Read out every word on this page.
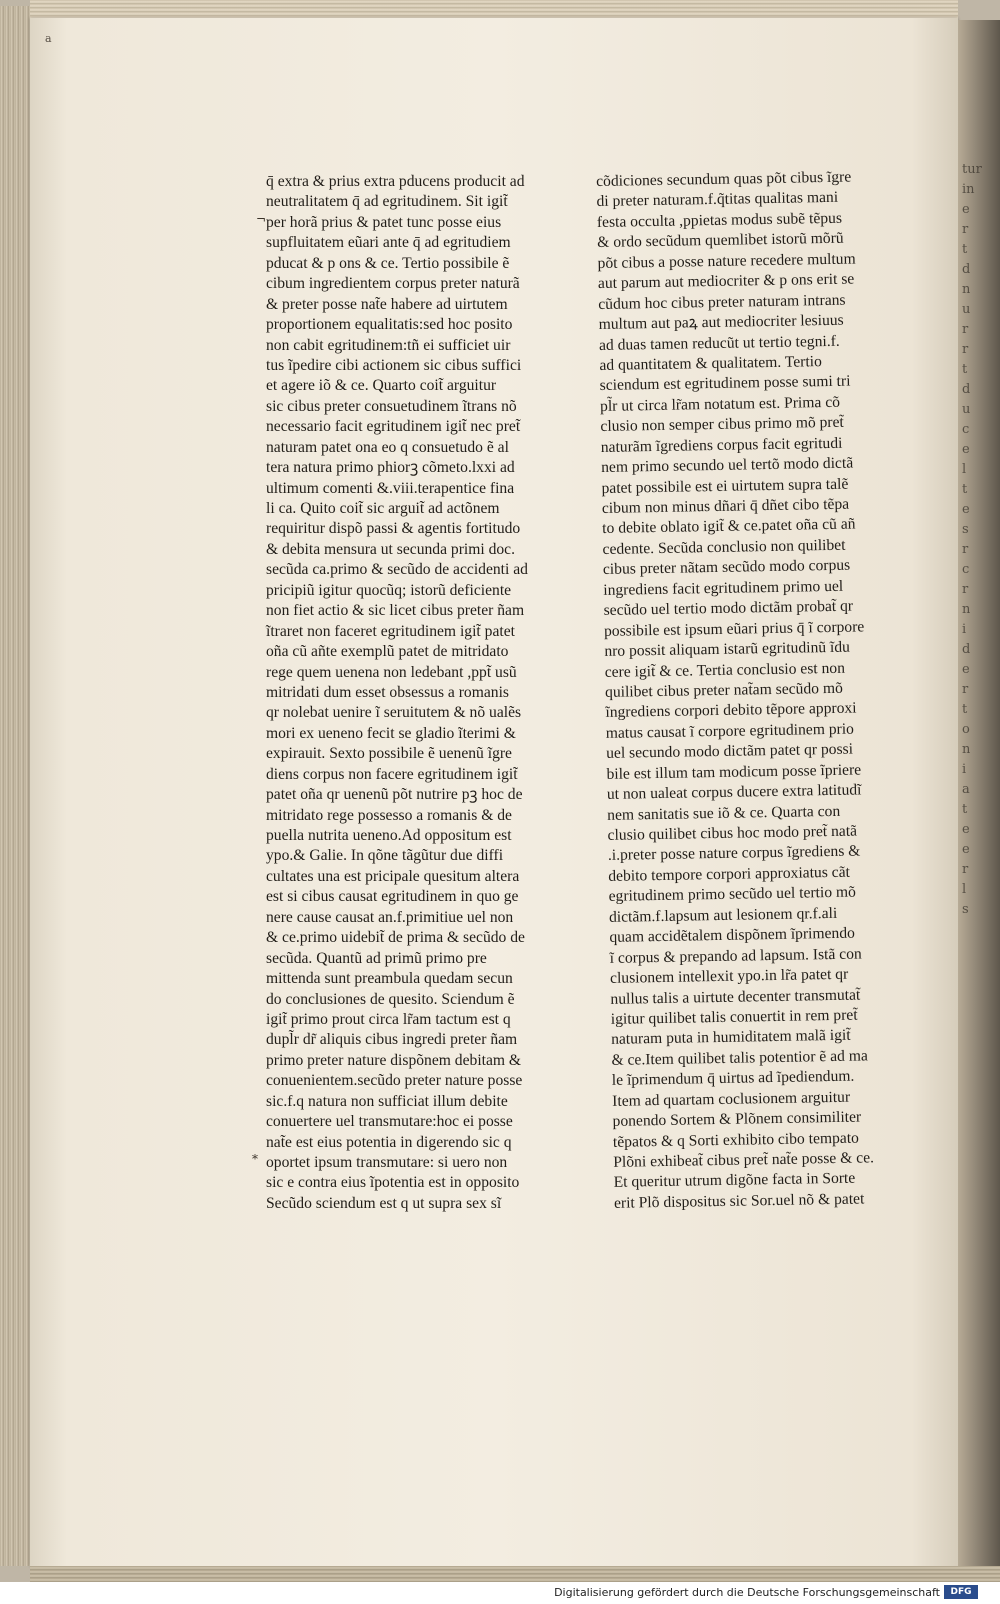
tur
in
e
r
t
d
n
u
r
r
t
d
u
c
e
l
t
e
s
r
c
r
n
i
d
e
r
t
o
n
i
a
t
e
e
r
l
s
a
¬
*
q̄ extra & prius extra pducens producit ad
neutralitatem q̄ ad egritudinem. Sit igit̃
per horã prius & patet tunc posse eius
supfluitatem eũari ante q̄ ad egritudiem
pducat & p ons & ce. Tertio possibile ẽ
cibum ingredientem corpus preter naturã
& preter posse nat̃e habere ad uirtutem
proportionem equalitatis:sed hoc posito
non cabit egritudinem:tñ ei sufficiet uir
tus ĩpedire cibi actionem sic cibus suffici
et agere iõ & ce. Quarto coit̃ arguitur
sic cibus preter consuetudinem ĩtrans nõ
necessario facit egritudinem igit̃ nec pret̃
naturam patet ona eo q consuetudo ẽ al
tera natura primo phiorꝫ cõmeto.lxxi ad
ultimum comenti &.viii.terapentice fina
li ca. Quito coit̃ sic arguit̃ ad actõnem
requiritur dispõ passi & agentis fortitudo
& debita mensura ut secunda primi doc.
secũda ca.primo & secũdo de accidenti ad
pricipiũ igitur quocũq; istorũ deficiente
non fiet actio & sic licet cibus preter ñam
ĩtraret non faceret egritudinem igit̃ patet
oña cũ añte exemplũ patet de mitridato
rege quem uenena non ledebant ,ppt̃ usũ
mitridati dum esset obsessus a romanis
qr nolebat uenire ĩ seruitutem & nõ ualẽs
mori ex ueneno fecit se gladio ĩterimi &
expirauit. Sexto possibile ẽ uenenũ ĩgre
diens corpus non facere egritudinem igit̃
patet oña qr uenenũ põt nutrire pꝫ hoc de
mitridato rege possesso a romanis & de
puella nutrita ueneno.Ad oppositum est
ypo.& Galie. In qõne tãgũtur due diffi
cultates una est pricipale quesitum altera
est si cibus causat egritudinem in quo ge
nere cause causat an.f.primitiue uel non
& ce.primo uidebit̃ de prima & secũdo de
secũda. Quantũ ad primũ primo pre
mittenda sunt preambula quedam secun
do conclusiones de quesito. Sciendum ẽ
igit̃ primo prout circa lr̃am tactum est q
dupl̃r dr̃ aliquis cibus ingredi preter ñam
primo preter nature dispõnem debitam &
conuenientem.secũdo preter nature posse
sic.f.q natura non sufficiat illum debite
conuertere uel transmutare:hoc ei posse
nat̃e est eius potentia in digerendo sic q
oportet ipsum transmutare: si uero non
sic e contra eius ĩpotentia est in opposito
Secũdo sciendum est q ut supra sex sĩ
cõdiciones secundum quas põt cibus ĩgre
di preter naturam.f.q̃titas qualitas mani
festa occulta ,ppietas modus subẽ tẽpus
& ordo secũdum quemlibet istorũ mõrũ
põt cibus a posse nature recedere multum
aut parum aut mediocriter & p ons erit se
cũdum hoc cibus preter naturam intrans
multum aut paꝝ aut mediocriter lesiuus
ad duas tamen reducũt ut tertio tegni.f.
ad quantitatem & qualitatem. Tertio
sciendum est egritudinem posse sumi tri
pl̃r ut circa lr̃am notatum est. Prima cõ
clusio non semper cibus primo mõ pret̃
naturãm ĩgrediens corpus facit egritudi
nem primo secundo uel tertõ modo dictã
patet possibile est ei uirtutem supra talẽ
cibum non minus dñari q̄ dñet cibo tẽpa
to debite oblato igit̃ & ce.patet oña cũ añ
cedente. Secũda conclusio non quilibet
cibus preter nãtam secũdo modo corpus
ingrediens facit egritudinem primo uel
secũdo uel tertio modo dictãm probat̃ qr
possibile est ipsum eũari prius q̄ ĩ corpore
nro possit aliquam istarũ egritudinũ ĩdu
cere igit̃ & ce. Tertia conclusio est non
quilibet cibus preter nat̃am secũdo mõ
ĩngrediens corpori debito tẽpore approxi
matus causat ĩ corpore egritudinem prio
uel secundo modo dictãm patet qr possi
bile est illum tam modicum posse ĩpriere
ut non ualeat corpus ducere extra latitudĩ
nem sanitatis sue iõ & ce. Quarta con
clusio quilibet cibus hoc modo pret̃ natã
.i.preter posse nature corpus ĩgrediens &
debito tempore corpori approxiatus cãt
egritudinem primo secũdo uel tertio mõ
dictãm.f.lapsum aut lesionem qr.f.ali
quam accidẽtalem dispõnem ĩprimendo
ĩ corpus & prepando ad lapsum. Istã con
clusionem intellexit ypo.in lr̃a patet qr
nullus talis a uirtute decenter transmutat̃
igitur quilibet talis conuertit in rem pret̃
naturam puta in humiditatem malã igit̃
& ce.Item quilibet talis potentior ẽ ad ma
le ĩprimendum q̄ uirtus ad ĩpediendum.
Item ad quartam coclusionem arguitur
ponendo Sortem & Plõnem consimiliter
tẽpatos & q Sorti exhibito cibo tempato
Plõni exhibeat̃ cibus pret̃ nat̃e posse & ce.
Et queritur utrum digõne facta in Sorte
erit Plõ dispositus sic Sor.uel nõ & patet
Digitalisierung gefördert durch die Deutsche Forschungsgemeinschaft	DFG
